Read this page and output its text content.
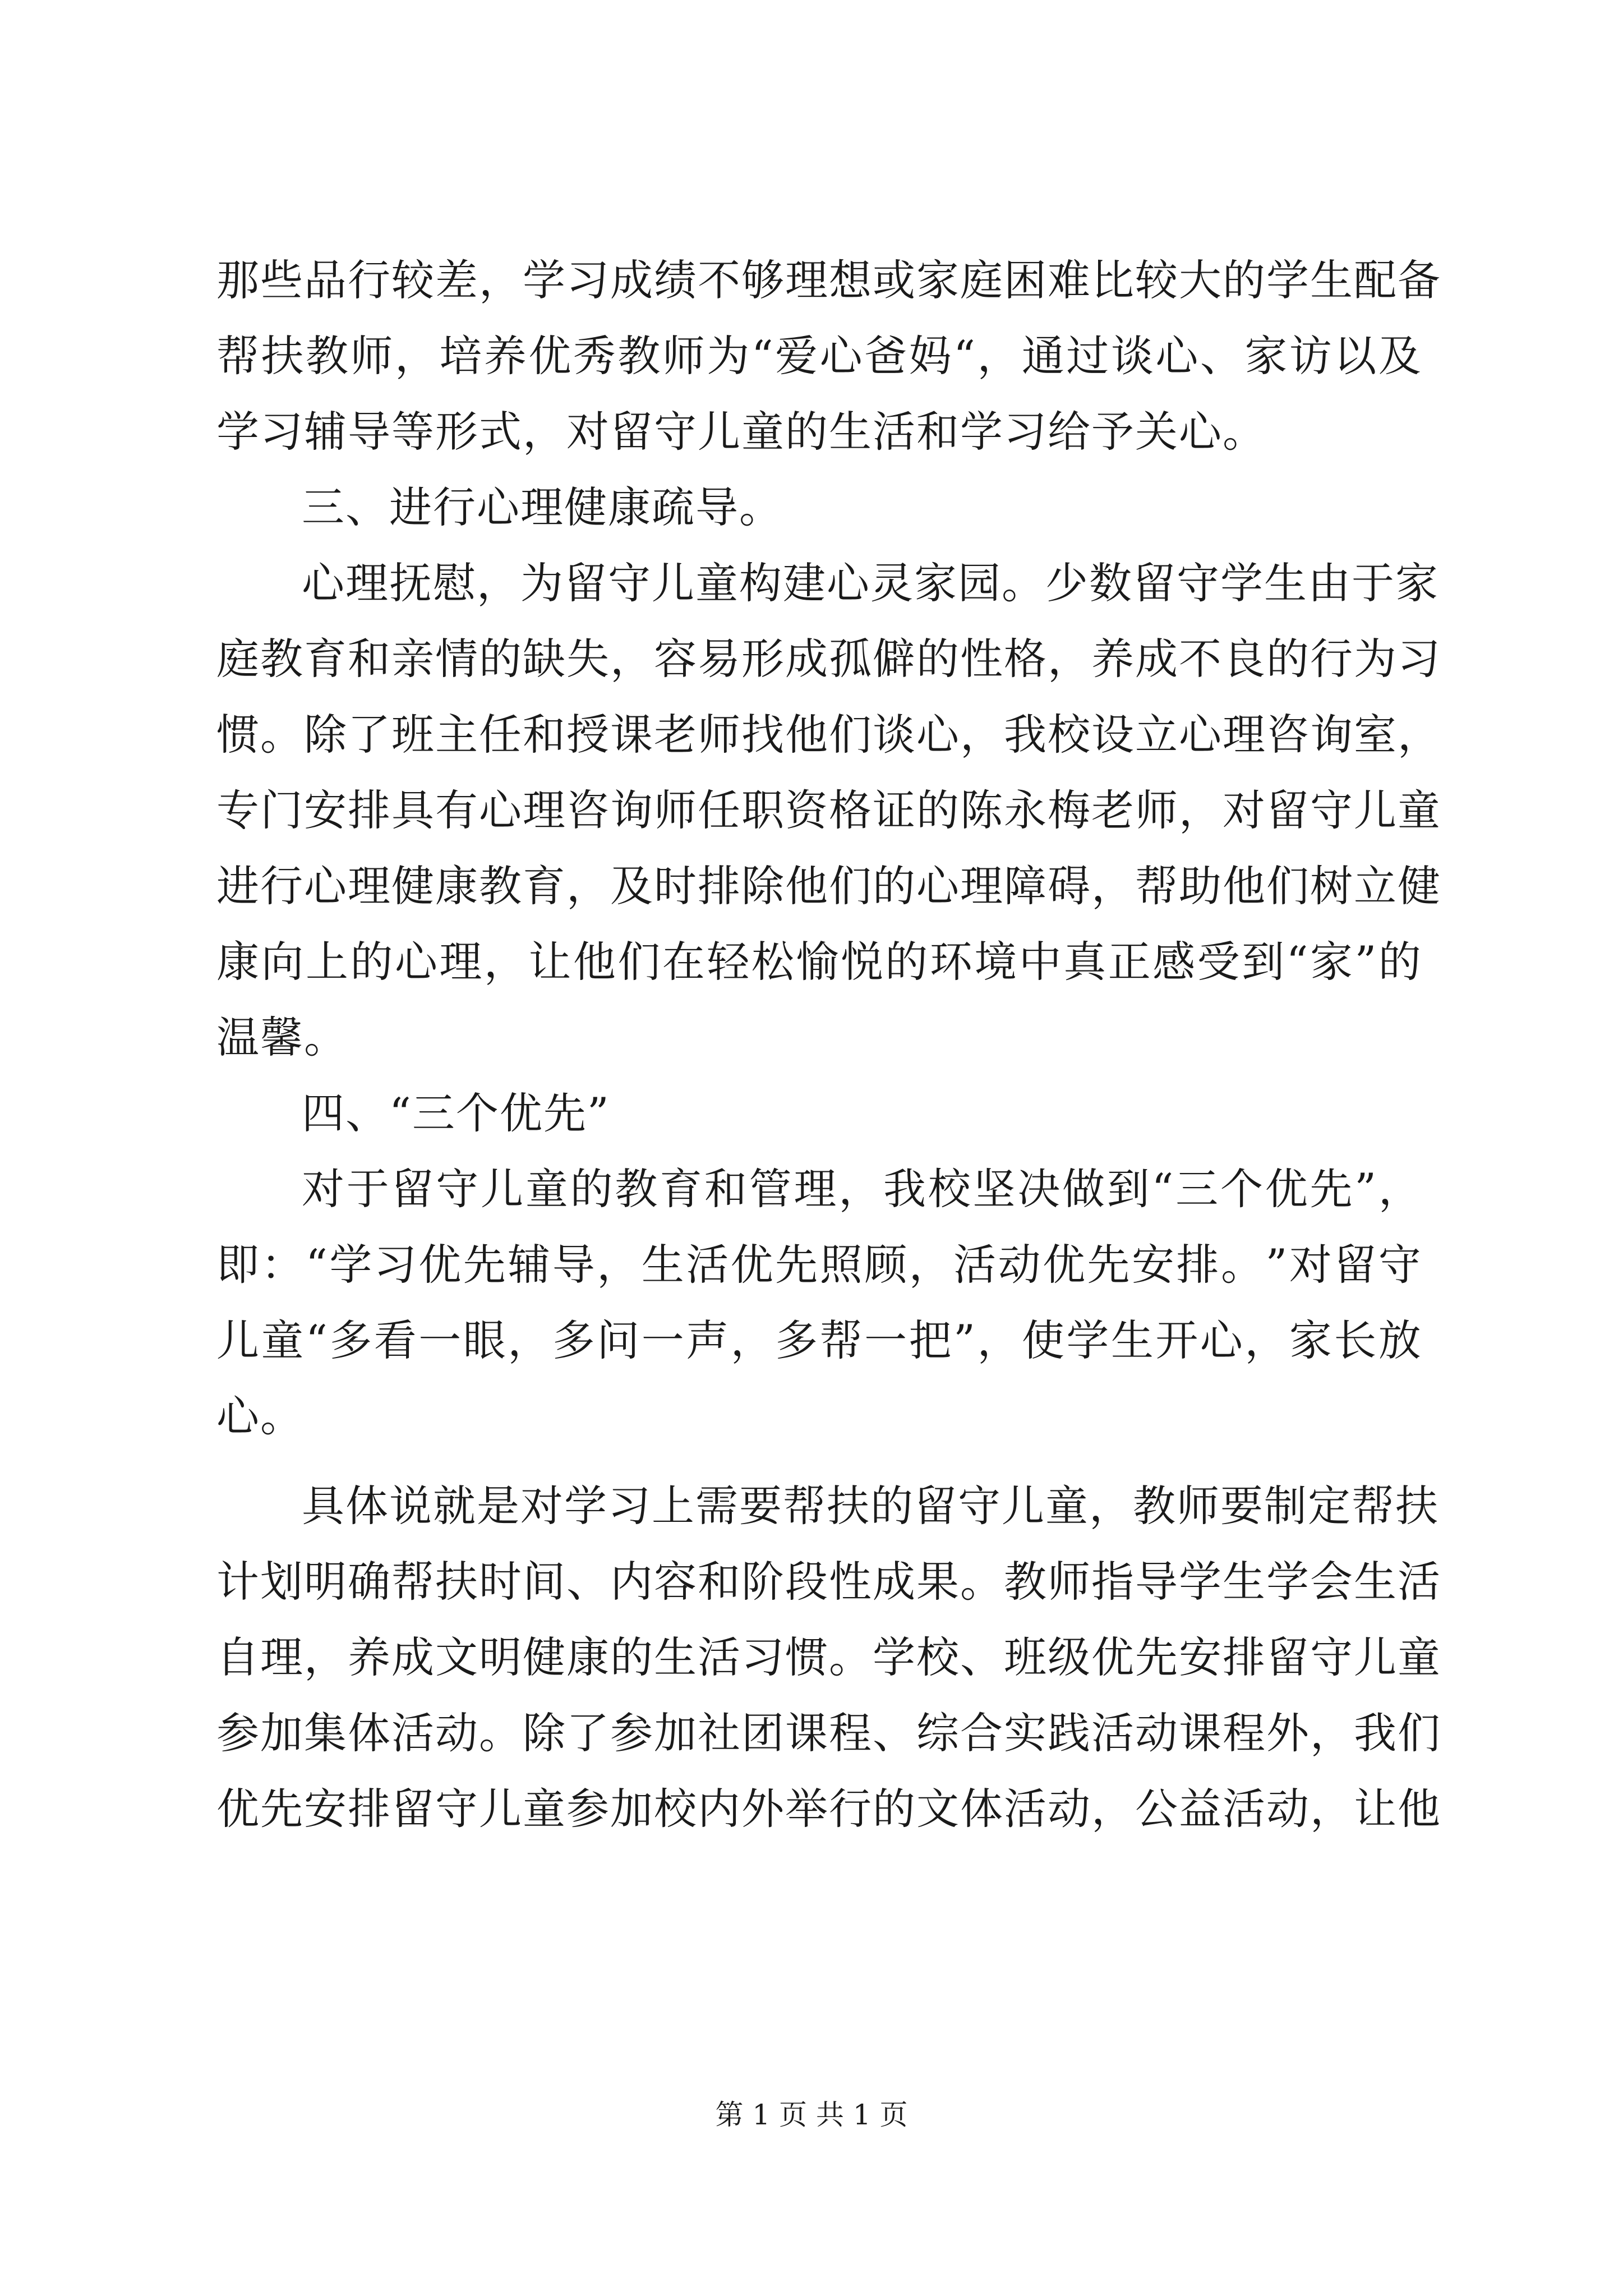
那 些 品 行 较 差 ， 学 习 成 绩 不 够 理 想 或 家 庭 困 难 比 较 大 的 学 生 配 备
帮 扶 教 师 ， 培 养 优 秀 教 师 为 “ 爱 心 爸 妈 “ ， 通 过 谈 心 、 家 访 以 及
学习辅导等形式，对留守儿童的生活和学习给予关心。
三、进行心理健康疏导。
心 理 抚 慰 ， 为 留 守 儿 童 构 建 心 灵 家 园 。 少 数 留 守 学 生 由 于 家
庭 教 育 和 亲 情 的 缺 失 ， 容 易 形 成 孤 僻 的 性 格 ， 养 成 不 良 的 行 为 习
惯 。 除 了 班 主 任 和 授 课 老 师 找 他 们 谈 心 ， 我 校 设 立 心 理 咨 询 室 ，
专 门 安 排 具 有 心 理 咨 询 师 任 职 资 格 证 的 陈 永 梅 老 师 ， 对 留 守 儿 童
进 行 心 理 健 康 教 育 ， 及 时 排 除 他 们 的 心 理 障 碍 ， 帮 助 他 们 树 立 健
康 向 上 的 心 理 ， 让 他 们 在 轻 松 愉 悦 的 环 境 中 真 正 感 受 到 “ 家 ” 的
温馨。
四、“三个优先”
对 于 留 守 儿 童 的 教 育 和 管 理 ， 我 校 坚 决 做 到 “ 三 个 优 先 ” ，
即 ： “ 学 习 优 先 辅 导 ， 生 活 优 先 照 顾 ， 活 动 优 先 安 排 。 ” 对 留 守
儿 童 “ 多 看 一 眼 ， 多 问 一 声 ， 多 帮 一 把 ” ， 使 学 生 开 心 ， 家 长 放
心。
具 体 说 就 是 对 学 习 上 需 要 帮 扶 的 留 守 儿 童 ， 教 师 要 制 定 帮 扶
计 划 明 确 帮 扶 时 间 、 内 容 和 阶 段 性 成 果 。 教 师 指 导 学 生 学 会 生 活
自 理 ， 养 成 文 明 健 康 的 生 活 习 惯 。 学 校 、 班 级 优 先 安 排 留 守 儿 童
参 加 集 体 活 动 。 除 了 参 加 社 团 课 程 、 综 合 实 践 活 动 课 程 外 ， 我 们
优 先 安 排 留 守 儿 童 参 加 校 内 外 举 行 的 文 体 活 动 ， 公 益 活 动 ， 让 他
第 1 页 共 1 页
